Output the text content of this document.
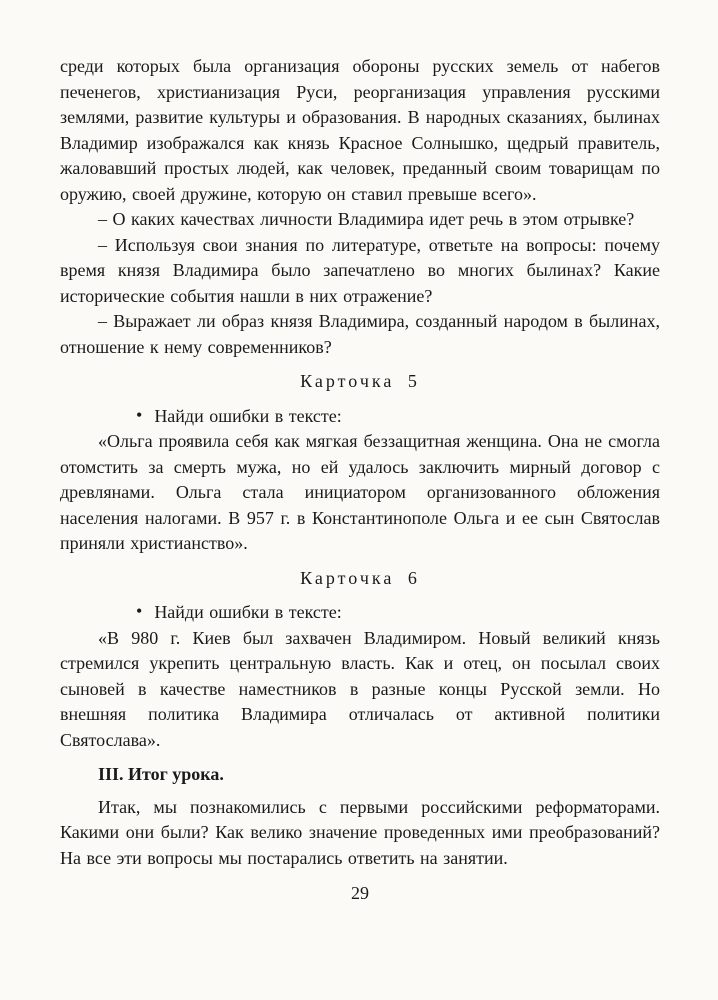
среди которых была организация обороны русских земель от набегов печенегов, христианизация Руси, реорганизация управления русскими землями, развитие культуры и образования. В народных сказаниях, былинах Владимир изображался как князь Красное Солнышко, щедрый правитель, жаловавший простых людей, как человек, преданный своим товарищам по оружию, своей дружине, которую он ставил превыше всего».

– О каких качествах личности Владимира идет речь в этом отрывке?

– Используя свои знания по литературе, ответьте на вопросы: почему время князя Владимира было запечатлено во многих былинах? Какие исторические события нашли в них отражение?

– Выражает ли образ князя Владимира, созданный народом в былинах, отношение к нему современников?

Карточка 5

• Найди ошибки в тексте:

«Ольга проявила себя как мягкая беззащитная женщина. Она не смогла отомстить за смерть мужа, но ей удалось заключить мирный договор с древлянами. Ольга стала инициатором организованного обложения населения налогами. В 957 г. в Константинополе Ольга и ее сын Святослав приняли христианство».

Карточка 6

• Найди ошибки в тексте:

«В 980 г. Киев был захвачен Владимиром. Новый великий князь стремился укрепить центральную власть. Как и отец, он посылал своих сыновей в качестве наместников в разные концы Русской земли. Но внешняя политика Владимира отличалась от активной политики Святослава».

III. Итог урока.

Итак, мы познакомились с первыми российскими реформаторами. Какими они были? Как велико значение проведенных ими преобразований? На все эти вопросы мы постарались ответить на занятии.

29
